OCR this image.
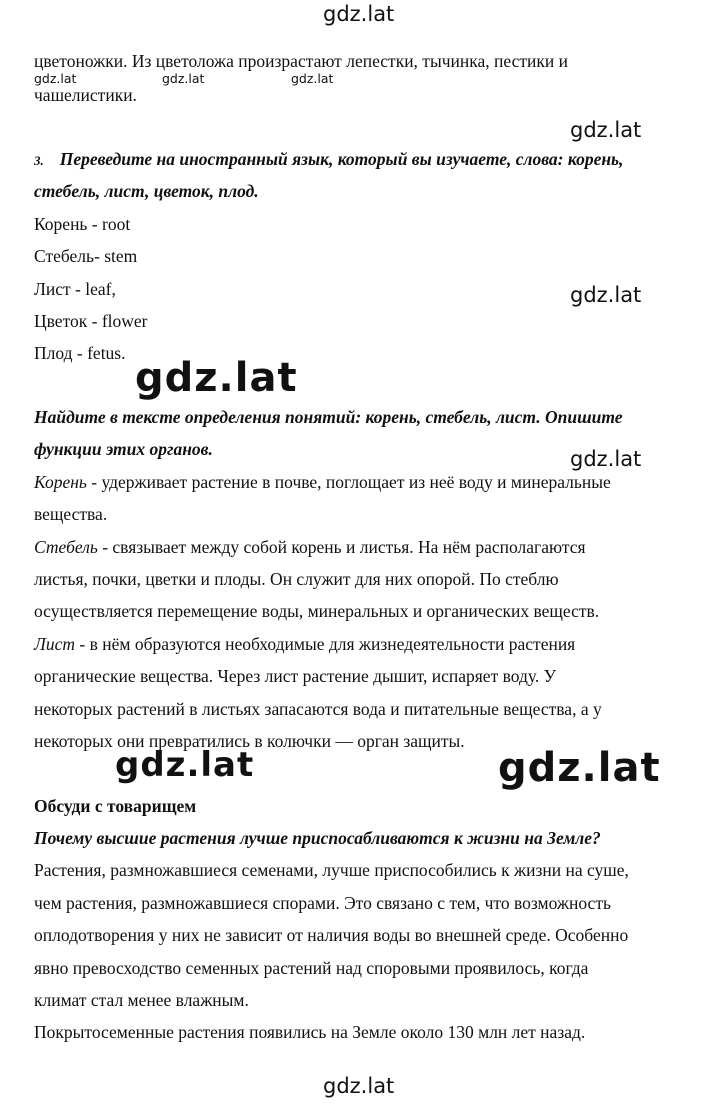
gdz.lat
gdz.lat	gdz.lat	gdz.lat
gdz.lat
gdz.lat
gdz.lat
gdz.lat
gdz.lat	gdz.lat
gdz.lat
цветоножки. Из цветоложа произрастают лепестки, тычинка, пестики и
чашелистики.
3. Переведите на иностранный язык, который вы изучаете, слова: корень,
стебель, лист, цветок, плод.
Корень - root
Стебель- stem
Лист - leaf,
Цветок - flower
Плод - fetus.
Найдите в тексте определения понятий: корень, стебель, лист. Опишите
функции этих органов.
Корень - удерживает растение в почве, поглощает из неё воду и минеральные
вещества.
Стебель - связывает между собой корень и листья. На нём располагаются
листья, почки, цветки и плоды. Он служит для них опорой. По стеблю
осуществляется перемещение воды, минеральных и органических веществ.
Лист - в нём образуются необходимые для жизнедеятельности растения
органические вещества. Через лист растение дышит, испаряет воду. У
некоторых растений в листьях запасаются вода и питательные вещества, а у
некоторых они превратились в колючки — орган защиты.
Обсуди с товарищем
Почему высшие растения лучше приспосабливаются к жизни на Земле?
Растения, размножавшиеся семенами, лучше приспособились к жизни на суше,
чем растения, размножавшиеся спорами. Это связано с тем, что возможность
оплодотворения у них не зависит от наличия воды во внешней среде. Особенно
явно превосходство семенных растений над споровыми проявилось, когда
климат стал менее влажным.
Покрытосеменные растения появились на Земле около 130 млн лет назад.
